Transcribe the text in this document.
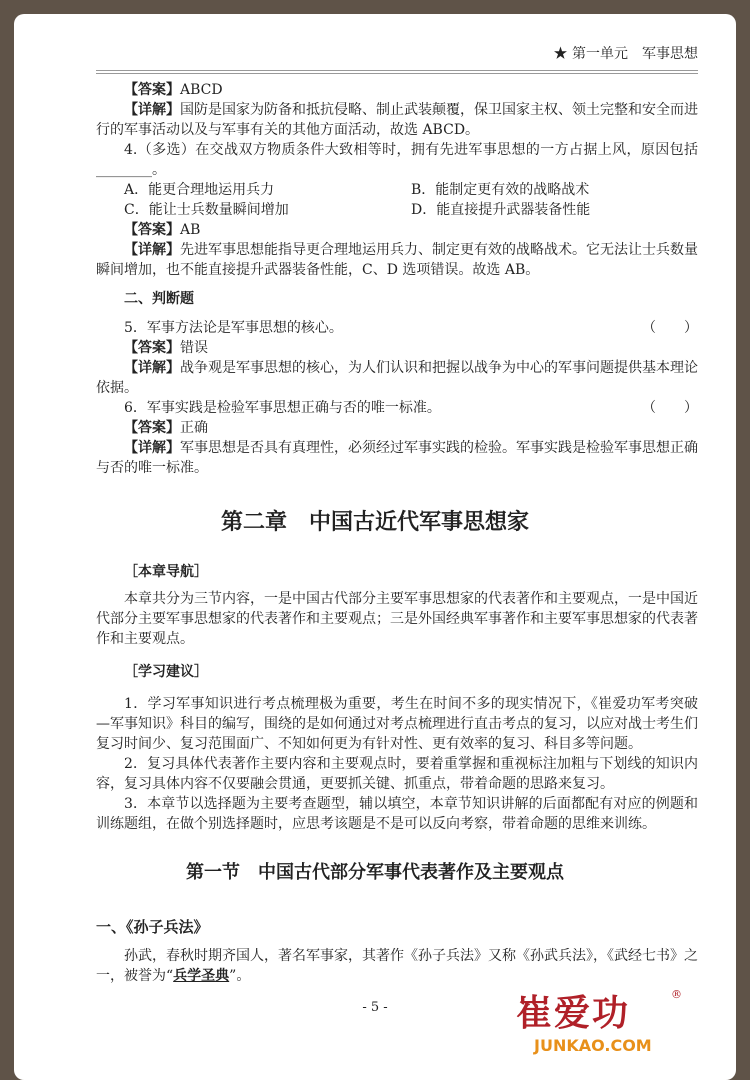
★ 第一单元　军事思想
【答案】ABCD
【详解】国防是国家为防备和抵抗侵略、制止武装颠覆，保卫国家主权、领土完整和安全而进行的军事活动以及与军事有关的其他方面活动，故选 ABCD。
4.（多选）在交战双方物质条件大致相等时，拥有先进军事思想的一方占据上风，原因包括________。
A．能更合理地运用兵力	B．能制定更有效的战略战术
C．能让士兵数量瞬间增加	D．能直接提升武器装备性能
【答案】AB
【详解】先进军事思想能指导更合理地运用兵力、制定更有效的战略战术。它无法让士兵数量瞬间增加，也不能直接提升武器装备性能，C、D 选项错误。故选 AB。
二、判断题
（　　）
5．军事方法论是军事思想的核心。
【答案】错误
【详解】战争观是军事思想的核心，为人们认识和把握以战争为中心的军事问题提供基本理论依据。
（　　）
6．军事实践是检验军事思想正确与否的唯一标准。
【答案】正确
【详解】军事思想是否具有真理性，必须经过军事实践的检验。军事实践是检验军事思想正确与否的唯一标准。
第二章　中国古近代军事思想家
［本章导航］
本章共分为三节内容，一是中国古代部分主要军事思想家的代表著作和主要观点，一是中国近代部分主要军事思想家的代表著作和主要观点；三是外国经典军事著作和主要军事思想家的代表著作和主要观点。
［学习建议］
1．学习军事知识进行考点梳理极为重要，考生在时间不多的现实情况下，《崔爱功军考突破—军事知识》科目的编写，围绕的是如何通过对考点梳理进行直击考点的复习，以应对战士考生们复习时间少、复习范围面广、不知如何更为有针对性、更有效率的复习、科目多等问题。
2．复习具体代表著作主要内容和主要观点时，要着重掌握和重视标注加粗与下划线的知识内容，复习具体内容不仅要融会贯通，更要抓关键、抓重点，带着命题的思路来复习。
3．本章节以选择题为主要考查题型，辅以填空，本章节知识讲解的后面都配有对应的例题和训练题组，在做个别选择题时，应思考该题是不是可以反向考察，带着命题的思维来训练。
第一节　中国古代部分军事代表著作及主要观点
一、《孙子兵法》
孙武，春秋时期齐国人，著名军事家，其著作《孙子兵法》又称《孙武兵法》，《武经七书》之一，被誉为“兵学圣典”。
- 5 -	崔爱功
JUNKAO.COM
®
